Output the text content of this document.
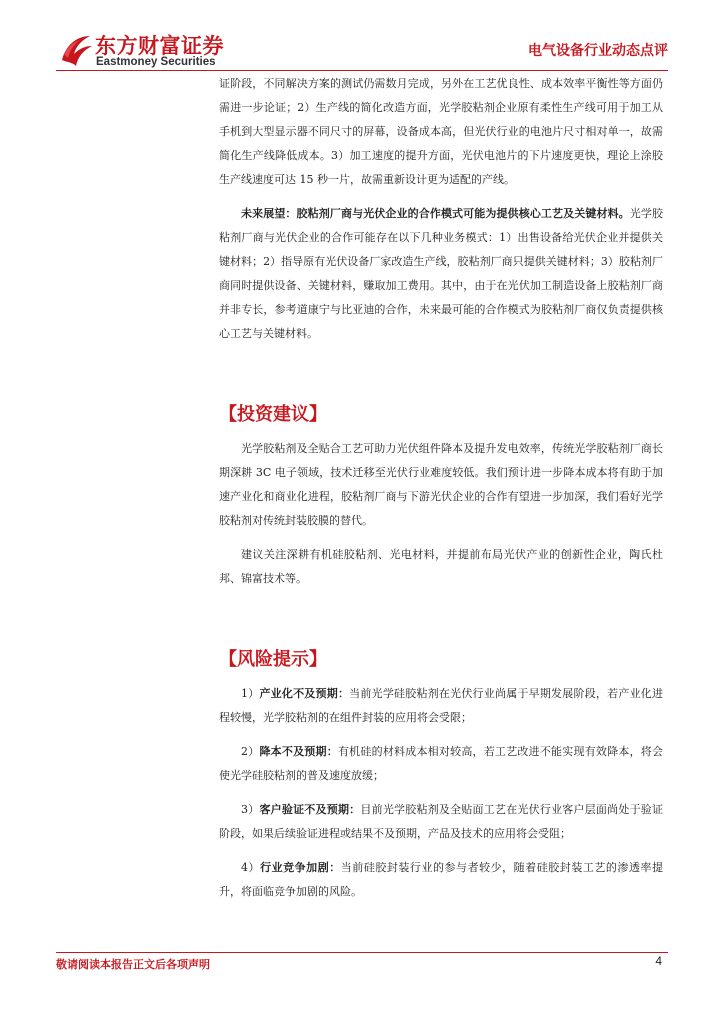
东方财富证券
Eastmoney Securities
电气设备行业动态点评

证阶段，不同解决方案的测试仍需数月完成，另外在工艺优良性、成本效率平衡性等方面仍需进一步论证；2）生产线的简化改造方面，光学胶粘剂企业原有柔性生产线可用于加工从手机到大型显示器不同尺寸的屏幕，设备成本高，但光伏行业的电池片尺寸相对单一，故需简化生产线降低成本。3）加工速度的提升方面，光伏电池片的下片速度更快，理论上涂胶生产线速度可达 15 秒一片，故需重新设计更为适配的产线。

未来展望：胶粘剂厂商与光伏企业的合作模式可能为提供核心工艺及关键材料。光学胶粘剂厂商与光伏企业的合作可能存在以下几种业务模式：1）出售设备给光伏企业并提供关键材料；2）指导原有光伏设备厂家改造生产线，胶粘剂厂商只提供关键材料；3）胶粘剂厂商同时提供设备、关键材料，赚取加工费用。其中，由于在光伏加工制造设备上胶粘剂厂商并非专长，参考道康宁与比亚迪的合作，未来最可能的合作模式为胶粘剂厂商仅负责提供核心工艺与关键材料。

【投资建议】

光学胶粘剂及全贴合工艺可助力光伏组件降本及提升发电效率，传统光学胶粘剂厂商长期深耕 3C 电子领域，技术迁移至光伏行业难度较低。我们预计进一步降本成本将有助于加速产业化和商业化进程，胶粘剂厂商与下游光伏企业的合作有望进一步加深，我们看好光学胶粘剂对传统封装胶膜的替代。

建议关注深耕有机硅胶粘剂、光电材料，并提前布局光伏产业的创新性企业，陶氏杜邦、锦富技术等。

【风险提示】

1）产业化不及预期：当前光学硅胶粘剂在光伏行业尚属于早期发展阶段，若产业化进程较慢，光学胶粘剂的在组件封装的应用将会受限；

2）降本不及预期：有机硅的材料成本相对较高，若工艺改进不能实现有效降本，将会使光学硅胶粘剂的普及速度放缓；

3）客户验证不及预期：目前光学胶粘剂及全贴面工艺在光伏行业客户层面尚处于验证阶段，如果后续验证进程或结果不及预期，产品及技术的应用将会受阻；

4）行业竞争加剧：当前硅胶封装行业的参与者较少，随着硅胶封装工艺的渗透率提升，将面临竞争加剧的风险。

敬请阅读本报告正文后各项声明	4
